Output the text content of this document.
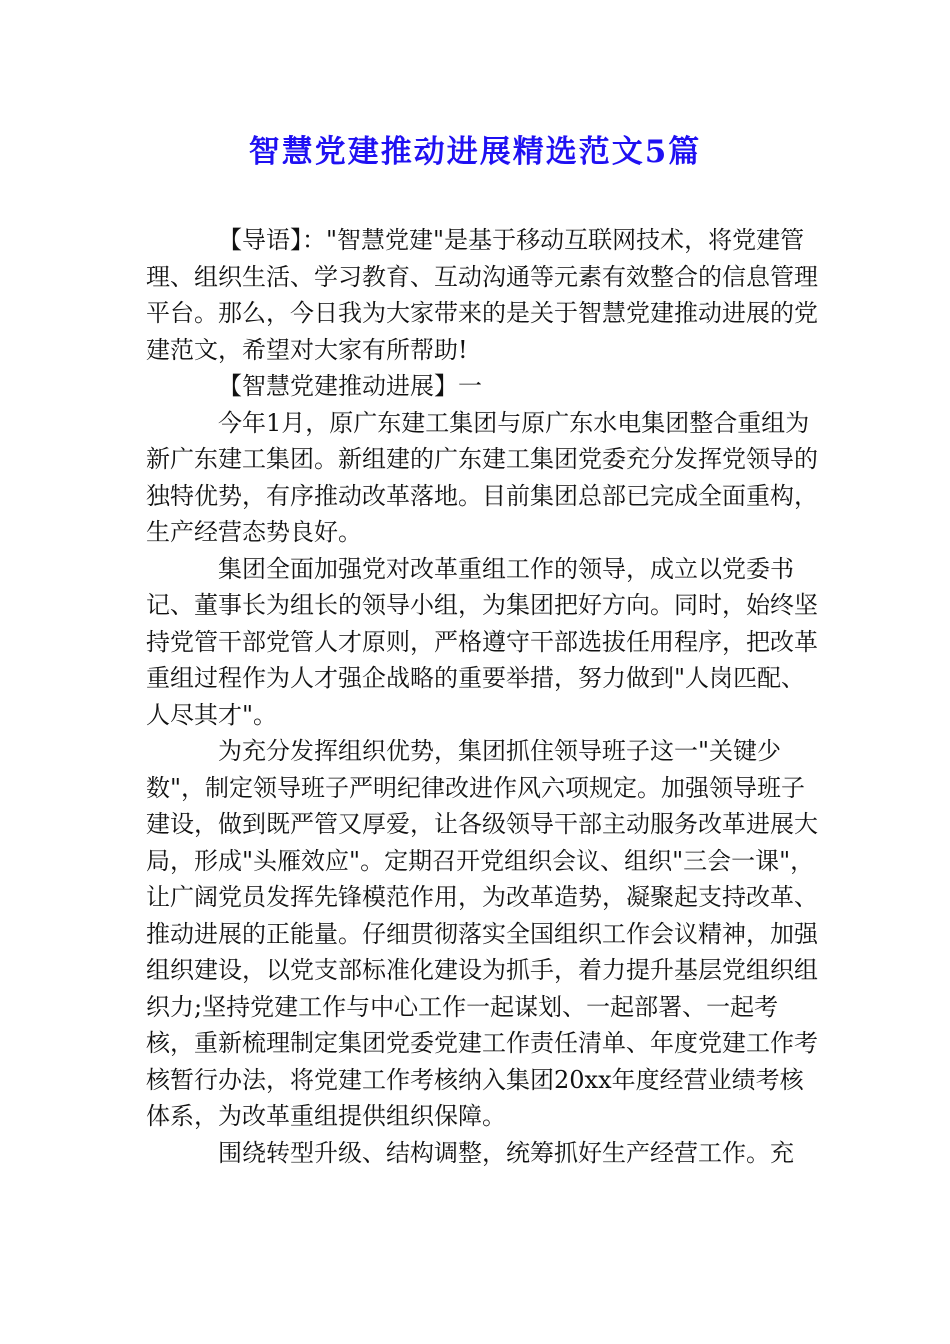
智慧党建推动进展精选范文5篇

【导语】："智慧党建"是基于移动互联网技术，将党建管理、组织生活、学习教育、互动沟通等元素有效整合的信息管理平台。那么，今日我为大家带来的是关于智慧党建推动进展的党建范文，希望对大家有所帮助!

【智慧党建推动进展】一

今年1月，原广东建工集团与原广东水电集团整合重组为新广东建工集团。新组建的广东建工集团党委充分发挥党领导的独特优势，有序推动改革落地。目前集团总部已完成全面重构，生产经营态势良好。

集团全面加强党对改革重组工作的领导，成立以党委书记、董事长为组长的领导小组，为集团把好方向。同时，始终坚持党管干部党管人才原则，严格遵守干部选拔任用程序，把改革重组过程作为人才强企战略的重要举措，努力做到"人岗匹配、人尽其才"。

为充分发挥组织优势，集团抓住领导班子这一"关键少数"，制定领导班子严明纪律改进作风六项规定。加强领导班子建设，做到既严管又厚爱，让各级领导干部主动服务改革进展大局，形成"头雁效应"。定期召开党组织会议、组织"三会一课"，让广阔党员发挥先锋模范作用，为改革造势，凝聚起支持改革、推动进展的正能量。仔细贯彻落实全国组织工作会议精神，加强组织建设，以党支部标准化建设为抓手，着力提升基层党组织组织力;坚持党建工作与中心工作一起谋划、一起部署、一起考核，重新梳理制定集团党委党建工作责任清单、年度党建工作考核暂行办法，将党建工作考核纳入集团20xx年度经营业绩考核体系，为改革重组提供组织保障。

围绕转型升级、结构调整，统筹抓好生产经营工作。充
